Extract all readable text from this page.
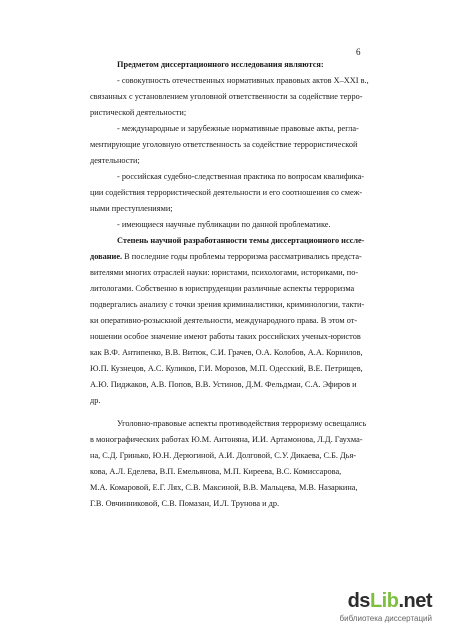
6
Предметом диссертационного исследования являются:
- совокупность отечественных нормативных правовых актов X–XXI в.,
связанных с установлением уголовной ответственности за содействие терро-
ристической деятельности;
- международные и зарубежные нормативные правовые акты, регла-
ментирующие уголовную ответственность за содействие террористической
деятельности;
- российская судебно-следственная практика по вопросам квалифика-
ции содействия террористической деятельности и его соотношения со смеж-
ными преступлениями;
- имеющиеся научные публикации по данной проблематике.
Степень научной разработанности темы диссертационного иссле-
дование. В последние годы проблемы терроризма рассматривались предста-
вителями многих отраслей науки: юристами, психологами, историками, по-
литологами. Собственно в юриспруденции различные аспекты терроризма
подвергались анализу с точки зрения криминалистики, криминологии, такти-
ки оперативно-розыскной деятельности, международного права. В этом от-
ношении особое значение имеют работы таких российских ученых-юристов
как В.Ф. Антипенко, В.В. Витюк, С.И. Грачев, О.А. Колобов, А.А. Корнилов,
Ю.П. Кузнецов, А.С. Куликов, Г.И. Морозов, М.П. Одесский, В.Е. Петрищев,
А.Ю. Пиджаков, А.В. Попов, В.В. Устинов, Д.М. Фельдман, С.А. Эфиров и
др.
Уголовно-правовые аспекты противодействия терроризму освещались
в монографических работах Ю.М. Антоняна, И.И. Артамонова, Л.Д. Гаухма-
на, С.Д. Гринько, Ю.Н. Дерюгиной, А.И. Долговой, С.У. Дикаева, С.Б. Дья-
кова, А.Л. Еделева, В.П. Емельянова, М.П. Киреева, В.С. Комиссарова,
М.А. Комаровой, Е.Г. Лях, С.В. Максиной, В.В. Мальцева, М.В. Назаркина,
Г.В. Овчинниковой, С.В. Помазан, И.Л. Трунова и др.
dsLib.net
библиотека диссертаций
